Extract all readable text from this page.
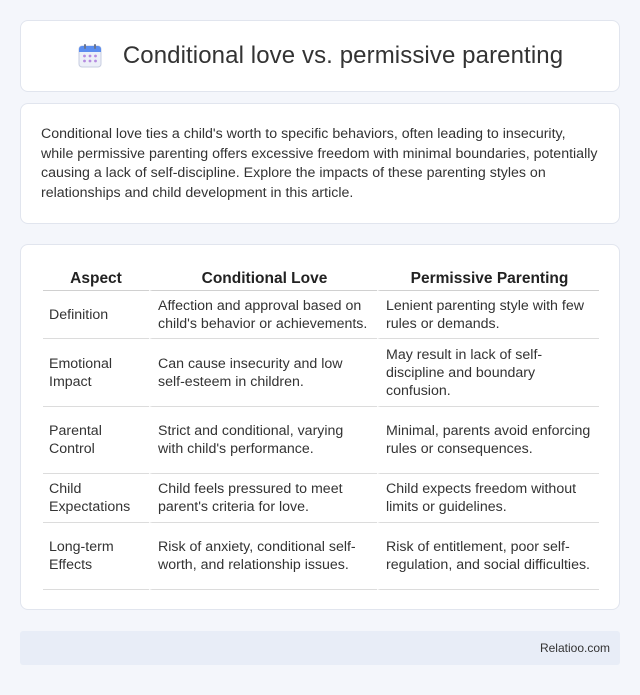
Conditional love vs. permissive parenting

Conditional love ties a child's worth to specific behaviors, often leading to insecurity, while permissive parenting offers excessive freedom with minimal boundaries, potentially causing a lack of self-discipline. Explore the impacts of these parenting styles on relationships and child development in this article.

Aspect	Conditional Love	Permissive Parenting
Definition	Affection and approval based on child's behavior or achievements.	Lenient parenting style with few rules or demands.
Emotional Impact	Can cause insecurity and low self-esteem in children.	May result in lack of self-discipline and boundary confusion.
Parental Control	Strict and conditional, varying with child's performance.	Minimal, parents avoid enforcing rules or consequences.
Child Expectations	Child feels pressured to meet parent's criteria for love.	Child expects freedom without limits or guidelines.
Long-term Effects	Risk of anxiety, conditional self-worth, and relationship issues.	Risk of entitlement, poor self-regulation, and social difficulties.
Relatioo.com
